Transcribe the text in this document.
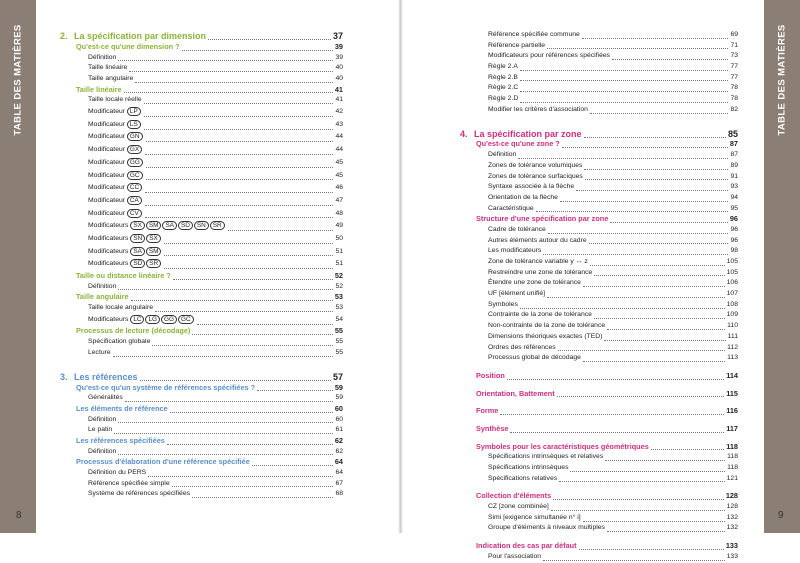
TABLE DES MATIÈRES	TABLE DES MATIÈRES
2. La spécification par dimension	37
Qu'est-ce qu'une dimension ?	39
Définition	39
Taille linéaire	40
Taille angulaire	40
Taille linéaire	41
Taille locale réelle	41
Modificateur LP	42
Modificateur LS	43
Modificateur GN	44
Modificateur GX	44
Modificateur GG	45
Modificateur GC	45
Modificateur CC	46
Modificateur CA	47
Modificateur CV	48
Modificateurs SX SM SA SD SN SR	49
Modificateurs SN SX	50
Modificateurs SA SM	51
Modificateurs SD SR	51
Taille ou distance linéaire ?	52
Définition	52
Taille angulaire	53
Taille locale angulaire	53
Modificateurs LC LG GG GC	54
Processus de lecture (décodage)	55
Spécification globale	55
Lecture	55
3. Les références	57
Qu'est-ce qu'un système de références spécifiées ?	59
Généralités	59
Les éléments de référence	60
Définition	60
Le patin	61
Les références spécifiées	62
Définition	62
Processus d'élaboration d'une référence spécifiée	64
Définition du PERS	64
Référence spécifiée simple	67
Système de références spécifiées	68
Référence spécifiée commune	69
Référence partielle	71
Modificateurs pour références spécifiées	73
Règle 2.A	77
Règle 2.B	77
Règle 2.C	78
Règle 2.D	78
Modifier les critères d'association	82
4. La spécification par zone	85
Qu'est-ce qu'une zone ?	87
Définition	87
Zones de tolérance volumiques	89
Zones de tolérance surfaciques	91
Syntaxe associée à la flèche	93
Orientation de la flèche	94
Caractéristique	95
Structure d'une spécification par zone	96
Cadre de tolérance	96
Autres éléments autour du cadre	96
Les modificateurs	98
Zone de tolérance variable y ↔ z	105
Restreindre une zone de tolérance	105
Étendre une zone de tolérance	106
UF [élément unifié]	107
Symboles	108
Contrainte de la zone de tolérance	109
Non-contrainte de la zone de tolérance	110
Dimensions théoriques exactes (TED)	111
Ordres des références	112
Processus global de décodage	113
Position	114
Orientation, Battement	115
Forme	116
Synthèse	117
Symboles pour les caractéristiques géométriques	118
Spécifications intrinsèques et relatives	118
Spécifications intrinsèques	118
Spécifications relatives	121
Collection d'éléments	128
CZ [zone combinée]	128
Simi [exigence simultanée n° i]	132
Groupe d'éléments à niveaux multiples	132
Indication des cas par défaut	133
Pour l'association	133
8	9
